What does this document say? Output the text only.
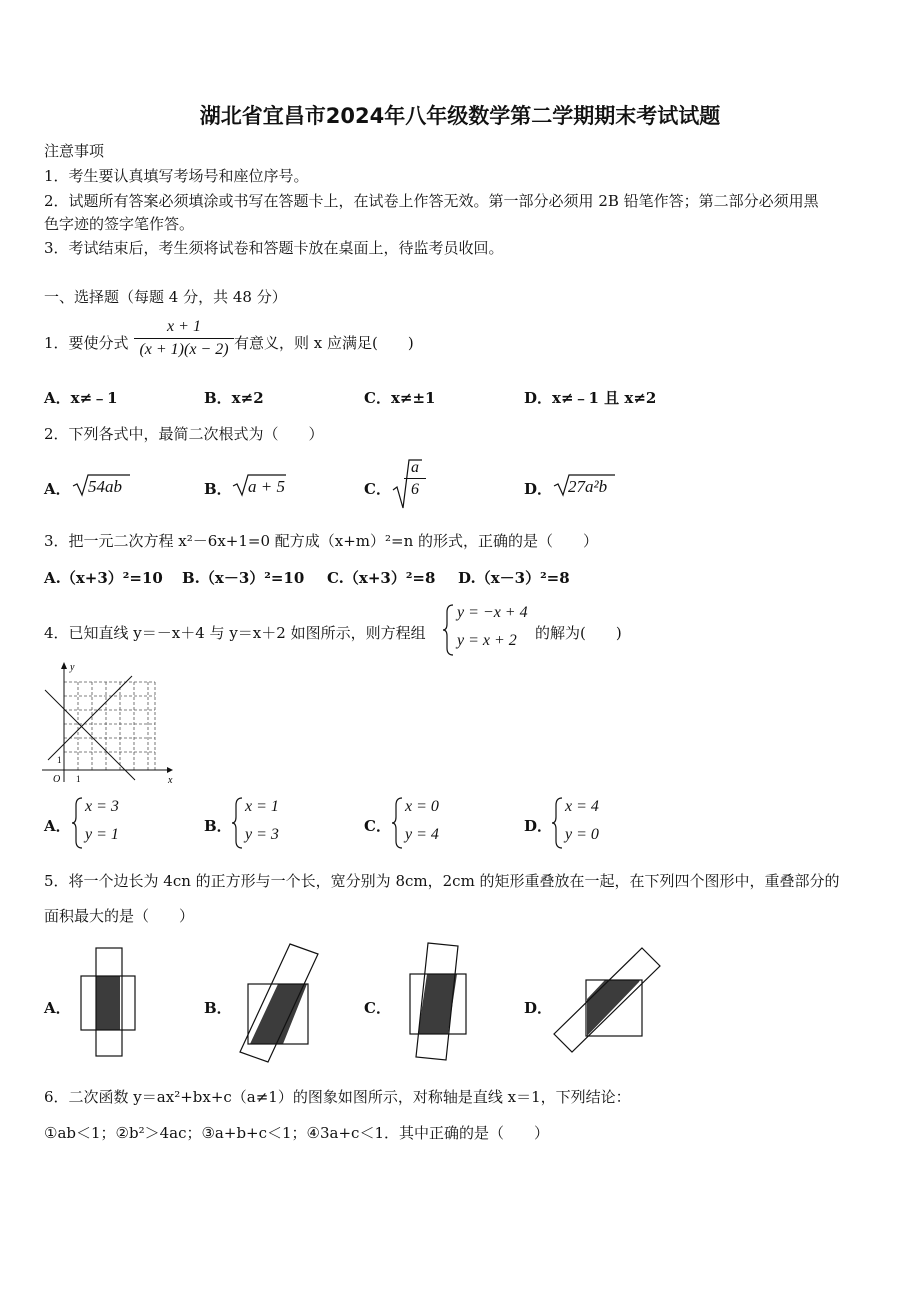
湖北省宜昌市2024年八年级数学第二学期期末考试试题
注意事项
1．考生要认真填写考场号和座位序号。
2．试题所有答案必须填涂或书写在答题卡上，在试卷上作答无效。第一部分必须用 2B 铅笔作答；第二部分必须用黑
色字迹的签字笔作答。
3．考试结束后，考生须将试卷和答题卡放在桌面上，待监考员收回。
一、选择题（每题 4 分，共 48 分）
1．要使分式 $\frac{x + 1}{(x + 1)(x - 2)}$ 有意义，则 x 应满足(　　)
A．x≠﹣1	B．x≠2	C．x≠±1	D．x≠﹣1 且 x≠2
2．下列各式中，最简二次根式为（　　）
A． 54ab	B． a + 5	C． $\frac{a}{6}$	D． 27a²b
3．把一元二次方程 x²－6x+1=0 配方成（x+m）²=n 的形式，正确的是（　　）
A.（x+3）²=10 B.（x－3）²=10 C.（x+3）²=8 D.（x－3）²=8
4．已知直线 y＝－x＋4 与 y＝x＋2 如图所示，则方程组
y = −x + 4
y = x + 2 的解为(　　)
y
x
O 1
1
A．
x = 3
y = 1	B．
x = 1
y = 3	C．
x = 0
y = 4	D．
x = 4
y = 0
5．将一个边长为 4cn 的正方形与一个长，宽分别为 8cm，2cm 的矩形重叠放在一起，在下列四个图形中，重叠部分的
面积最大的是（　　）
A．	B．	C．	D．
6．二次函数 y＝ax²+bx+c（a≠1）的图象如图所示，对称轴是直线 x＝1，下列结论：
①ab＜1；②b²＞4ac；③a+b+c＜1；④3a+c＜1．其中正确的是（　　）
